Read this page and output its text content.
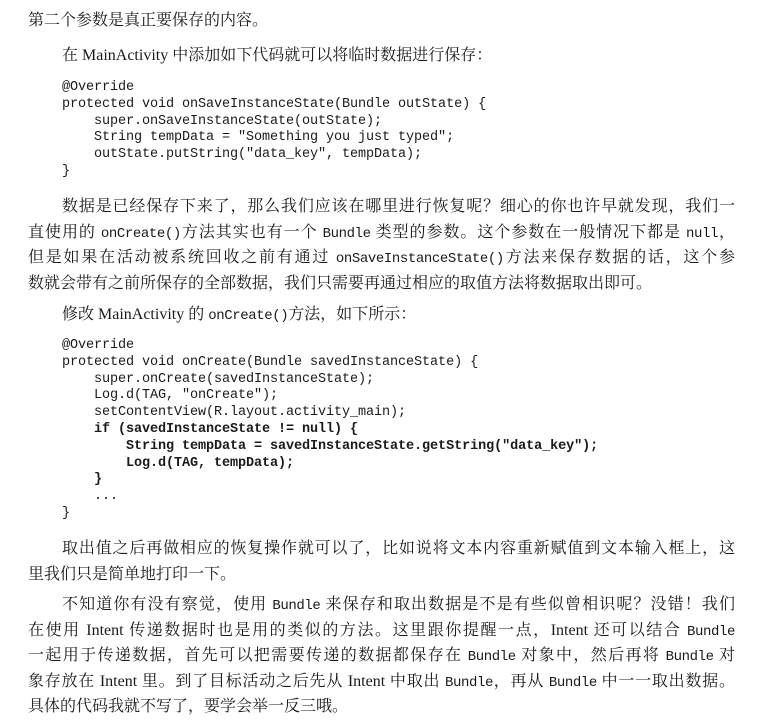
第二个参数是真正要保存的内容。
在 MainActivity 中添加如下代码就可以将临时数据进行保存：
@Override
protected void onSaveInstanceState(Bundle outState) {
super.onSaveInstanceState(outState);
String tempData = "Something you just typed";
outState.putString("data_key", tempData);
}
数据是已经保存下来了，那么我们应该在哪里进行恢复呢？细心的你也许早就发现，我们一
直使用的 onCreate()方法其实也有一个 Bundle 类型的参数。这个参数在一般情况下都是 null，
但是如果在活动被系统回收之前有通过 onSaveInstanceState()方法来保存数据的话，这个参
数就会带有之前所保存的全部数据，我们只需要再通过相应的取值方法将数据取出即可。
修改 MainActivity 的 onCreate()方法，如下所示：
@Override
protected void onCreate(Bundle savedInstanceState) {
super.onCreate(savedInstanceState);
Log.d(TAG, "onCreate");
setContentView(R.layout.activity_main);
if (savedInstanceState != null) {
String tempData = savedInstanceState.getString("data_key");
Log.d(TAG, tempData);
}
...
}
取出值之后再做相应的恢复操作就可以了，比如说将文本内容重新赋值到文本输入框上，这
里我们只是简单地打印一下。
不知道你有没有察觉，使用 Bundle 来保存和取出数据是不是有些似曾相识呢？没错！我们
在使用 Intent 传递数据时也是用的类似的方法。这里跟你提醒一点，Intent 还可以结合 Bundle
一起用于传递数据，首先可以把需要传递的数据都保存在 Bundle 对象中，然后再将 Bundle 对
象存放在 Intent 里。到了目标活动之后先从 Intent 中取出 Bundle，再从 Bundle 中一一取出数据。
具体的代码我就不写了，要学会举一反三哦。
